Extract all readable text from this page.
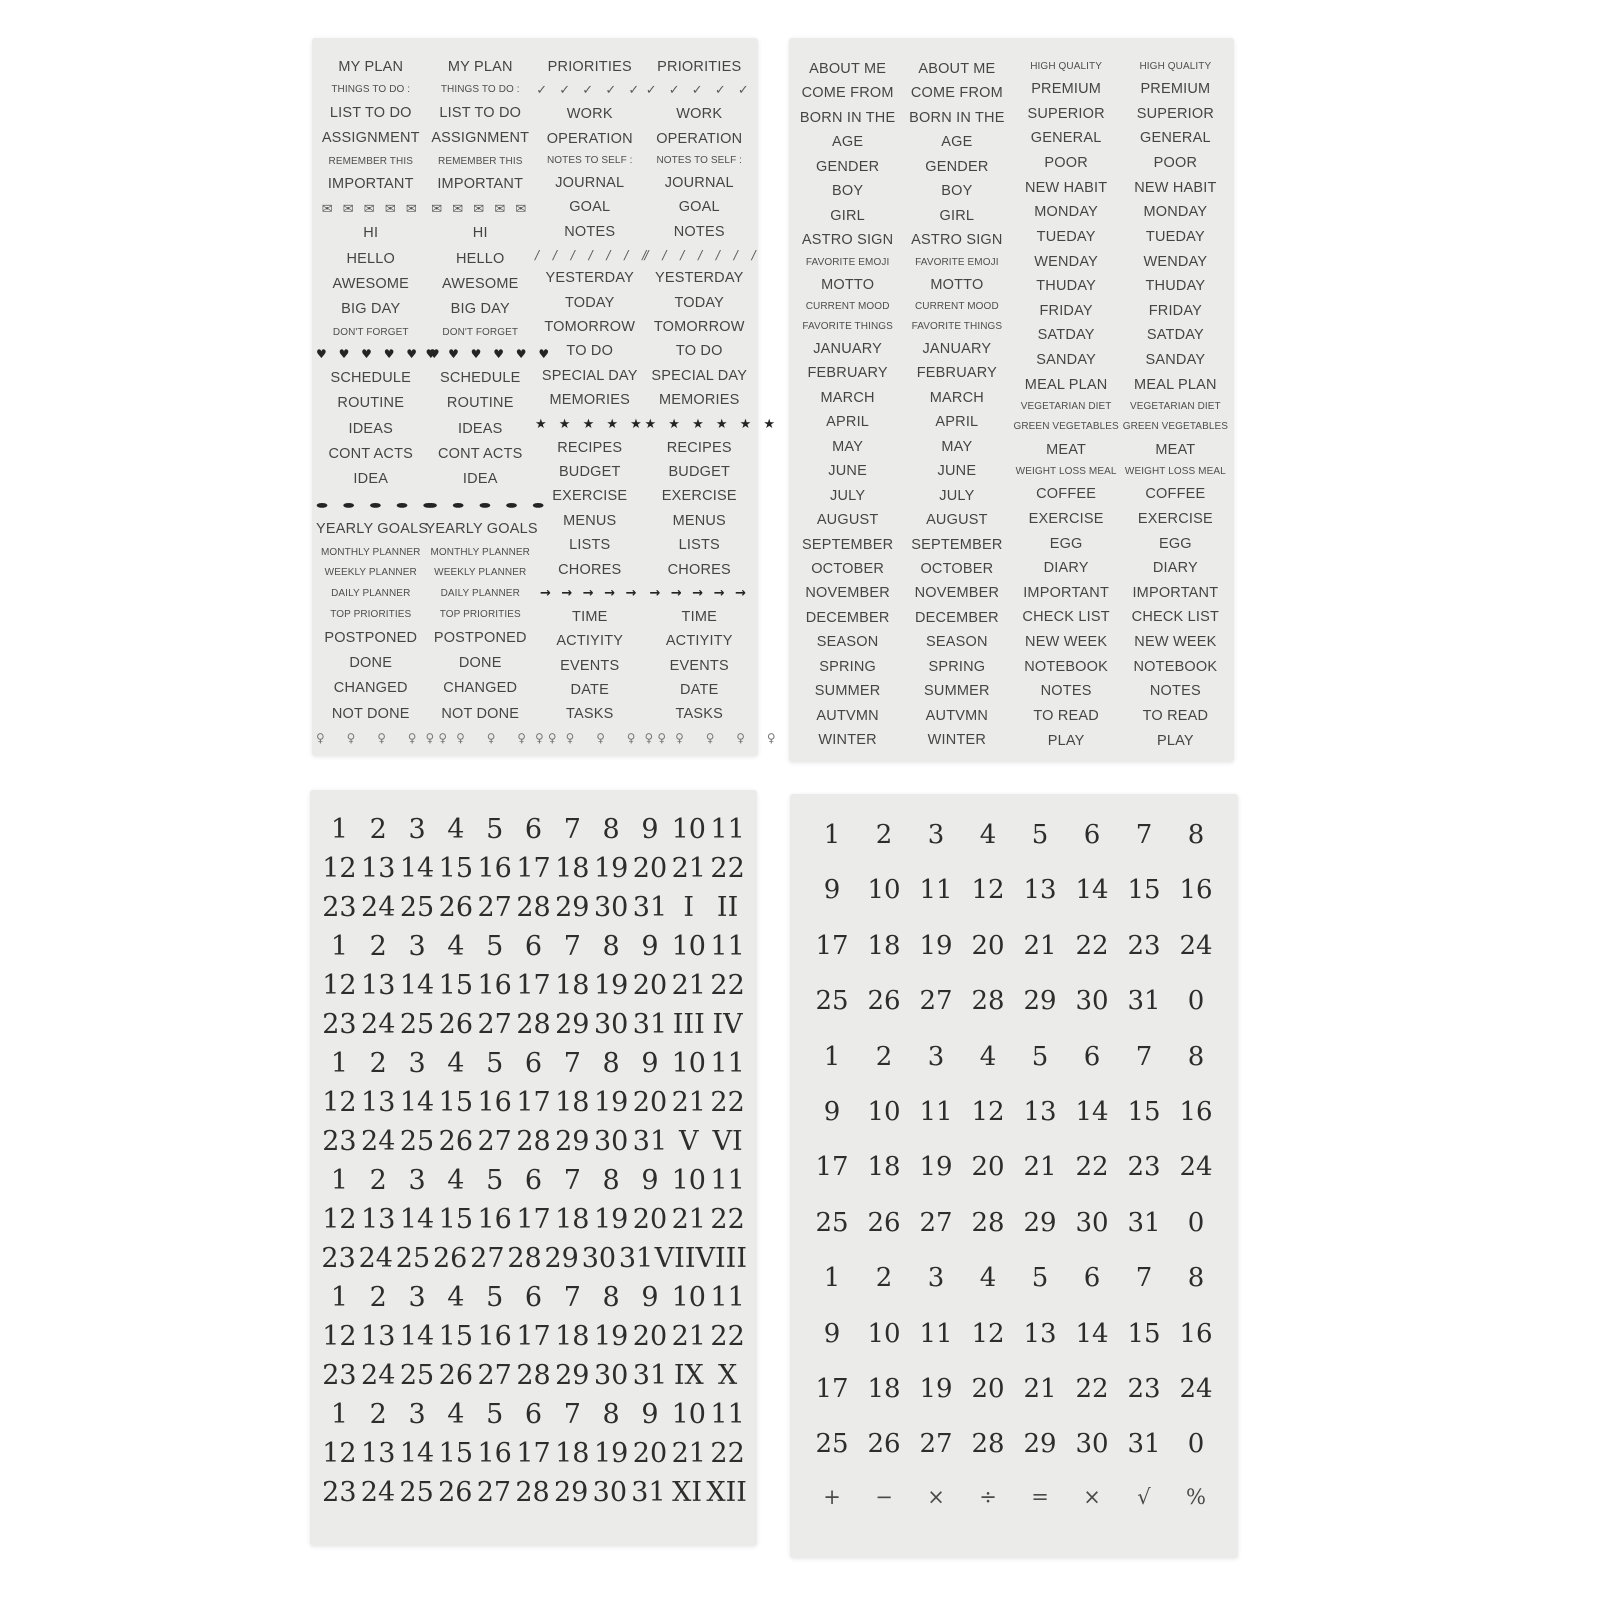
MY PLAN
THINGS TO DO :
LIST TO DO
ASSIGNMENT
REMEMBER THIS
IMPORTANT
✉ ✉ ✉ ✉ ✉
HI
HELLO
AWESOME
BIG DAY
DON'T FORGET
♥ ♥ ♥ ♥ ♥ ♥
SCHEDULE
ROUTINE
IDEAS
CONT ACTS
IDEA
● ● ● ● ●
YEARLY GOALS
MONTHLY PLANNER
WEEKLY PLANNER
DAILY PLANNER
TOP PRIORITIES
POSTPONED
DONE
CHANGED
NOT DONE
♀ ♀ ♀ ♀ ♀
MY PLAN
THINGS TO DO :
LIST TO DO
ASSIGNMENT
REMEMBER THIS
IMPORTANT
✉ ✉ ✉ ✉ ✉
HI
HELLO
AWESOME
BIG DAY
DON'T FORGET
♥ ♥ ♥ ♥ ♥ ♥
SCHEDULE
ROUTINE
IDEAS
CONT ACTS
IDEA
● ● ● ● ●
YEARLY GOALS
MONTHLY PLANNER
WEEKLY PLANNER
DAILY PLANNER
TOP PRIORITIES
POSTPONED
DONE
CHANGED
NOT DONE
♀ ♀ ♀ ♀ ♀
PRIORITIES
✓ ✓ ✓ ✓ ✓
WORK
OPERATION
NOTES TO SELF :
JOURNAL
GOAL
NOTES
/ / / / / / /
YESTERDAY
TODAY
TOMORROW
TO DO
SPECIAL DAY
MEMORIES
★ ★ ★ ★ ★
RECIPES
BUDGET
EXERCISE
MENUS
LISTS
CHORES
→ → → → →
TIME
ACTIYITY
EVENTS
DATE
TASKS
♀ ♀ ♀ ♀ ♀
PRIORITIES
✓ ✓ ✓ ✓ ✓
WORK
OPERATION
NOTES TO SELF :
JOURNAL
GOAL
NOTES
/ / / / / / /
YESTERDAY
TODAY
TOMORROW
TO DO
SPECIAL DAY
MEMORIES
★ ★ ★ ★ ★ ★
RECIPES
BUDGET
EXERCISE
MENUS
LISTS
CHORES
→ → → → →
TIME
ACTIYITY
EVENTS
DATE
TASKS
♀ ♀ ♀ ♀ ♀
ABOUT ME
COME FROM
BORN IN THE
AGE
GENDER
BOY
GIRL
ASTRO SIGN
FAVORITE EMOJI
MOTTO
CURRENT MOOD
FAVORITE THINGS
JANUARY
FEBRUARY
MARCH
APRIL
MAY
JUNE
JULY
AUGUST
SEPTEMBER
OCTOBER
NOVEMBER
DECEMBER
SEASON
SPRING
SUMMER
AUTVMN
WINTER
ABOUT ME
COME FROM
BORN IN THE
AGE
GENDER
BOY
GIRL
ASTRO SIGN
FAVORITE EMOJI
MOTTO
CURRENT MOOD
FAVORITE THINGS
JANUARY
FEBRUARY
MARCH
APRIL
MAY
JUNE
JULY
AUGUST
SEPTEMBER
OCTOBER
NOVEMBER
DECEMBER
SEASON
SPRING
SUMMER
AUTVMN
WINTER
HIGH QUALITY
PREMIUM
SUPERIOR
GENERAL
POOR
NEW HABIT
MONDAY
TUEDAY
WENDAY
THUDAY
FRIDAY
SATDAY
SANDAY
MEAL PLAN
VEGETARIAN DIET
GREEN VEGETABLES
MEAT
WEIGHT LOSS MEAL
COFFEE
EXERCISE
EGG
DIARY
IMPORTANT
CHECK LIST
NEW WEEK
NOTEBOOK
NOTES
TO READ
PLAY
HIGH QUALITY
PREMIUM
SUPERIOR
GENERAL
POOR
NEW HABIT
MONDAY
TUEDAY
WENDAY
THUDAY
FRIDAY
SATDAY
SANDAY
MEAL PLAN
VEGETARIAN DIET
GREEN VEGETABLES
MEAT
WEIGHT LOSS MEAL
COFFEE
EXERCISE
EGG
DIARY
IMPORTANT
CHECK LIST
NEW WEEK
NOTEBOOK
NOTES
TO READ
PLAY
1 2 3 4 5 6 7 8 9 10 11
12 13 14 15 16 17 18 19 20 21 22
23 24 25 26 27 28 29 30 31 I II
1 2 3 4 5 6 7 8 9 10 11
12 13 14 15 16 17 18 19 20 21 22
23 24 25 26 27 28 29 30 31 III IV
1 2 3 4 5 6 7 8 9 10 11
12 13 14 15 16 17 18 19 20 21 22
23 24 25 26 27 28 29 30 31 V VI
1 2 3 4 5 6 7 8 9 10 11
12 13 14 15 16 17 18 19 20 21 22
23 24 25 26 27 28 29 30 31 VII VIII
1 2 3 4 5 6 7 8 9 10 11
12 13 14 15 16 17 18 19 20 21 22
23 24 25 26 27 28 29 30 31 IX X
1 2 3 4 5 6 7 8 9 10 11
12 13 14 15 16 17 18 19 20 21 22
23 24 25 26 27 28 29 30 31 XI XII
1	2	3	4	5	6	7	8
9	10 11 12 13 14 15 16
17 18 19 20 21 22 23 24
25 26 27 28 29 30 31	0
1	2	3	4	5	6	7	8
9	10 11 12 13 14 15 16
17 18 19 20 21 22 23 24
25 26 27 28 29 30 31	0
1	2	3	4	5	6	7	8
9	10 11 12 13 14 15 16
17 18 19 20 21 22 23 24
25 26 27 28 29 30 31	0
+	−	×	÷	=	×	√	%
